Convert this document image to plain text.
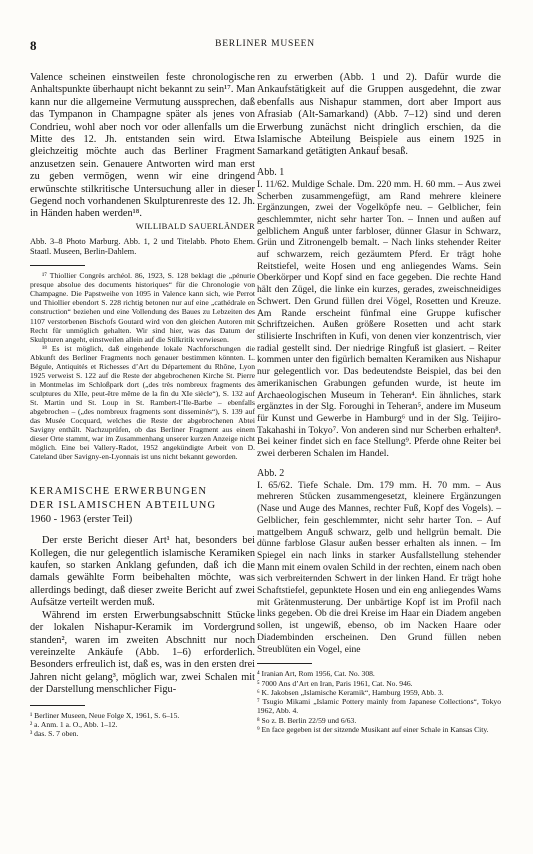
8	BERLINER MUSEEN

Valence scheinen einstweilen feste chronologische Anhaltspunkte überhaupt nicht bekannt zu sein¹⁷. Man kann nur die allgemeine Vermutung aussprechen, daß das Tympanon in Champagne später als jenes von Condrieu, wohl aber noch vor oder allenfalls um die Mitte des 12. Jh. entstanden sein wird. Etwa gleichzeitig möchte auch das Berliner Fragment anzusetzen sein. Genauere Antworten wird man erst zu geben vermögen, wenn wir eine dringend erwünschte stilkritische Untersuchung aller in dieser Gegend noch vorhandenen Skulpturenreste des 12. Jh. in Händen haben werden¹⁸.

WILLIBALD SAUERLÄNDER

Abb. 3–8 Photo Marburg. Abb. 1, 2 und Titelabb. Photo Ehem. Staatl. Museen, Berlin-Dahlem.

¹⁷ Thiollier Congrès archéol. 86, 1923, S. 128 beklagt die „pénurie presque absolue des documents historiques“ für die Chronologie von Champagne. Die Papstweihe von 1095 in Valence kann sich, wie Perrot und Thiollier ebendort S. 228 richtig betonen nur auf eine „cathédrale en construction“ beziehen und eine Vollendung des Baues zu Lebzeiten des 1107 verstorbenen Bischofs Goutard wird von den gleichen Autoren mit Recht für unmöglich gehalten. Wir sind hier, was das Datum der Skulpturen angeht, einstweilen allein auf die Stilkritik verwiesen.

¹⁸ Es ist möglich, daß eingehende lokale Nachforschungen die Abkunft des Berliner Fragments noch genauer bestimmen könnten. L. Bégule, Antiquités et Richesses d’Art du Département du Rhône, Lyon 1925 verweist S. 122 auf die Reste der abgebrochenen Kirche St. Pierre in Montmelas im Schloßpark dort („des très nombreux fragments des sculptures du XIIe, peut-être même de la fin du XIe siècle“), S. 132 auf St. Martin und St. Loup in St. Rambert-l’Ile-Barbe – ebenfalls abgebrochen – („des nombreux fragments sont disseminés“), S. 139 auf das Musée Cocquard, welches die Reste der abgebrochenen Abtei Savigny enthält. Nachzuprüfen, ob das Berliner Fragment aus einem dieser Orte stammt, war im Zusammenhang unserer kurzen Anzeige nicht möglich. Eine bei Vallery-Radot, 1952 angekündigte Arbeit von D. Cateland über Savigny-en-Lyonnais ist uns nicht bekannt geworden.

KERAMISCHE ERWERBUNGEN
DER ISLAMISCHEN ABTEILUNG
1960 - 1963 (erster Teil)

Der erste Bericht dieser Art¹ hat, besonders bei Kollegen, die nur gelegentlich islamische Keramiken kaufen, so starken Anklang gefunden, daß ich die damals gewählte Form beibehalten möchte, was allerdings bedingt, daß dieser zweite Bericht auf zwei Aufsätze verteilt werden muß.

Während im ersten Erwerbungsabschnitt Stücke der lokalen Nishapur-Keramik im Vordergrund standen², waren im zweiten Abschnitt nur noch vereinzelte Ankäufe (Abb. 1–6) erforderlich. Besonders erfreulich ist, daß es, was in den ersten drei Jahren nicht gelang³, möglich war, zwei Schalen mit der Darstellung menschlicher Figu-

¹ Berliner Museen, Neue Folge X, 1961, S. 6–15.

² a. Anm. 1 a. O., Abb. 1–12.

³ das. S. 7 oben.

ren zu erwerben (Abb. 1 und 2). Dafür wurde die Ankaufstätigkeit auf die Gruppen ausgedehnt, die zwar ebenfalls aus Nishapur stammen, dort aber Import aus Afrasiab (Alt-Samarkand) (Abb. 7–12) sind und deren Erwerbung zunächst nicht dringlich erschien, da die Islamische Abteilung Beispiele aus einem 1925 in Samarkand getätigten Ankauf besaß.

Abb. 1

I. 11/62. Muldige Schale. Dm. 220 mm. H. 60 mm. – Aus zwei Scherben zusammengefügt, am Rand mehrere kleinere Ergänzungen, zwei der Vogelköpfe neu. – Gelblicher, fein geschlemmter, nicht sehr harter Ton. – Innen und außen auf gelblichem Anguß unter farbloser, dünner Glasur in Schwarz, Grün und Zitronengelb bemalt. – Nach links stehender Reiter auf schwarzem, reich gezäumtem Pferd. Er trägt hohe Reitstiefel, weite Hosen und eng anliegendes Wams. Sein Oberkörper und Kopf sind en face gegeben. Die rechte Hand hält den Zügel, die linke ein kurzes, gerades, zweischneidiges Schwert. Den Grund füllen drei Vögel, Rosetten und Kreuze. Am Rande erscheint fünfmal eine Gruppe kufischer Schriftzeichen. Außen größere Rosetten und acht stark stilisierte Inschriften in Kufi, von denen vier konzentrisch, vier radial gestellt sind. Der niedrige Ringfuß ist glasiert. – Reiter kommen unter den figürlich bemalten Keramiken aus Nishapur nur gelegentlich vor. Das bedeutendste Beispiel, das bei den amerikanischen Grabungen gefunden wurde, ist heute im Archaeologischen Museum in Teheran⁴. Ein ähnliches, stark ergänztes in der Slg. Foroughi in Teheran⁵, andere im Museum für Kunst und Gewerbe in Hamburg⁶ und in der Slg. Teijiro-Takahashi in Tokyo⁷. Von anderen sind nur Scherben erhalten⁸. Bei keiner findet sich en face Stellung⁹. Pferde ohne Reiter bei zwei derberen Schalen im Handel.

Abb. 2

I. 65/62. Tiefe Schale. Dm. 179 mm. H. 70 mm. – Aus mehreren Stücken zusammengesetzt, kleinere Ergänzungen (Nase und Auge des Mannes, rechter Fuß, Kopf des Vogels). – Gelblicher, fein geschlemmter, nicht sehr harter Ton. – Auf mattgelbem Anguß schwarz, gelb und hellgrün bemalt. Die dünne farblose Glasur außen besser erhalten als innen. – Im Spiegel ein nach links in starker Ausfallstellung stehender Mann mit einem ovalen Schild in der rechten, einem nach oben sich verbreiternden Schwert in der linken Hand. Er trägt hohe Schaftstiefel, gepunktete Hosen und ein eng anliegendes Wams mit Grätenmusterung. Der unbärtige Kopf ist im Profil nach links gegeben. Ob die drei Kreise im Haar ein Diadem angeben sollen, ist ungewiß, ebenso, ob im Nacken Haare oder Diadembinden erscheinen. Den Grund füllen neben Streublüten ein Vogel, eine

⁴ Iranian Art, Rom 1956, Cat. No. 308.

⁵ 7000 Ans d’Art en Iran, Paris 1961, Cat. No. 946.

⁶ K. Jakobsen „Islamische Keramik“, Hamburg 1959, Abb. 3.

⁷ Tsugio Mikami „Islamic Pottery mainly from Japanese Collections“, Tokyo 1962, Abb. 4.

⁸ So z. B. Berlin 22/59 und 6/63.

⁹ En face gegeben ist der sitzende Musikant auf einer Schale in Kansas City.
